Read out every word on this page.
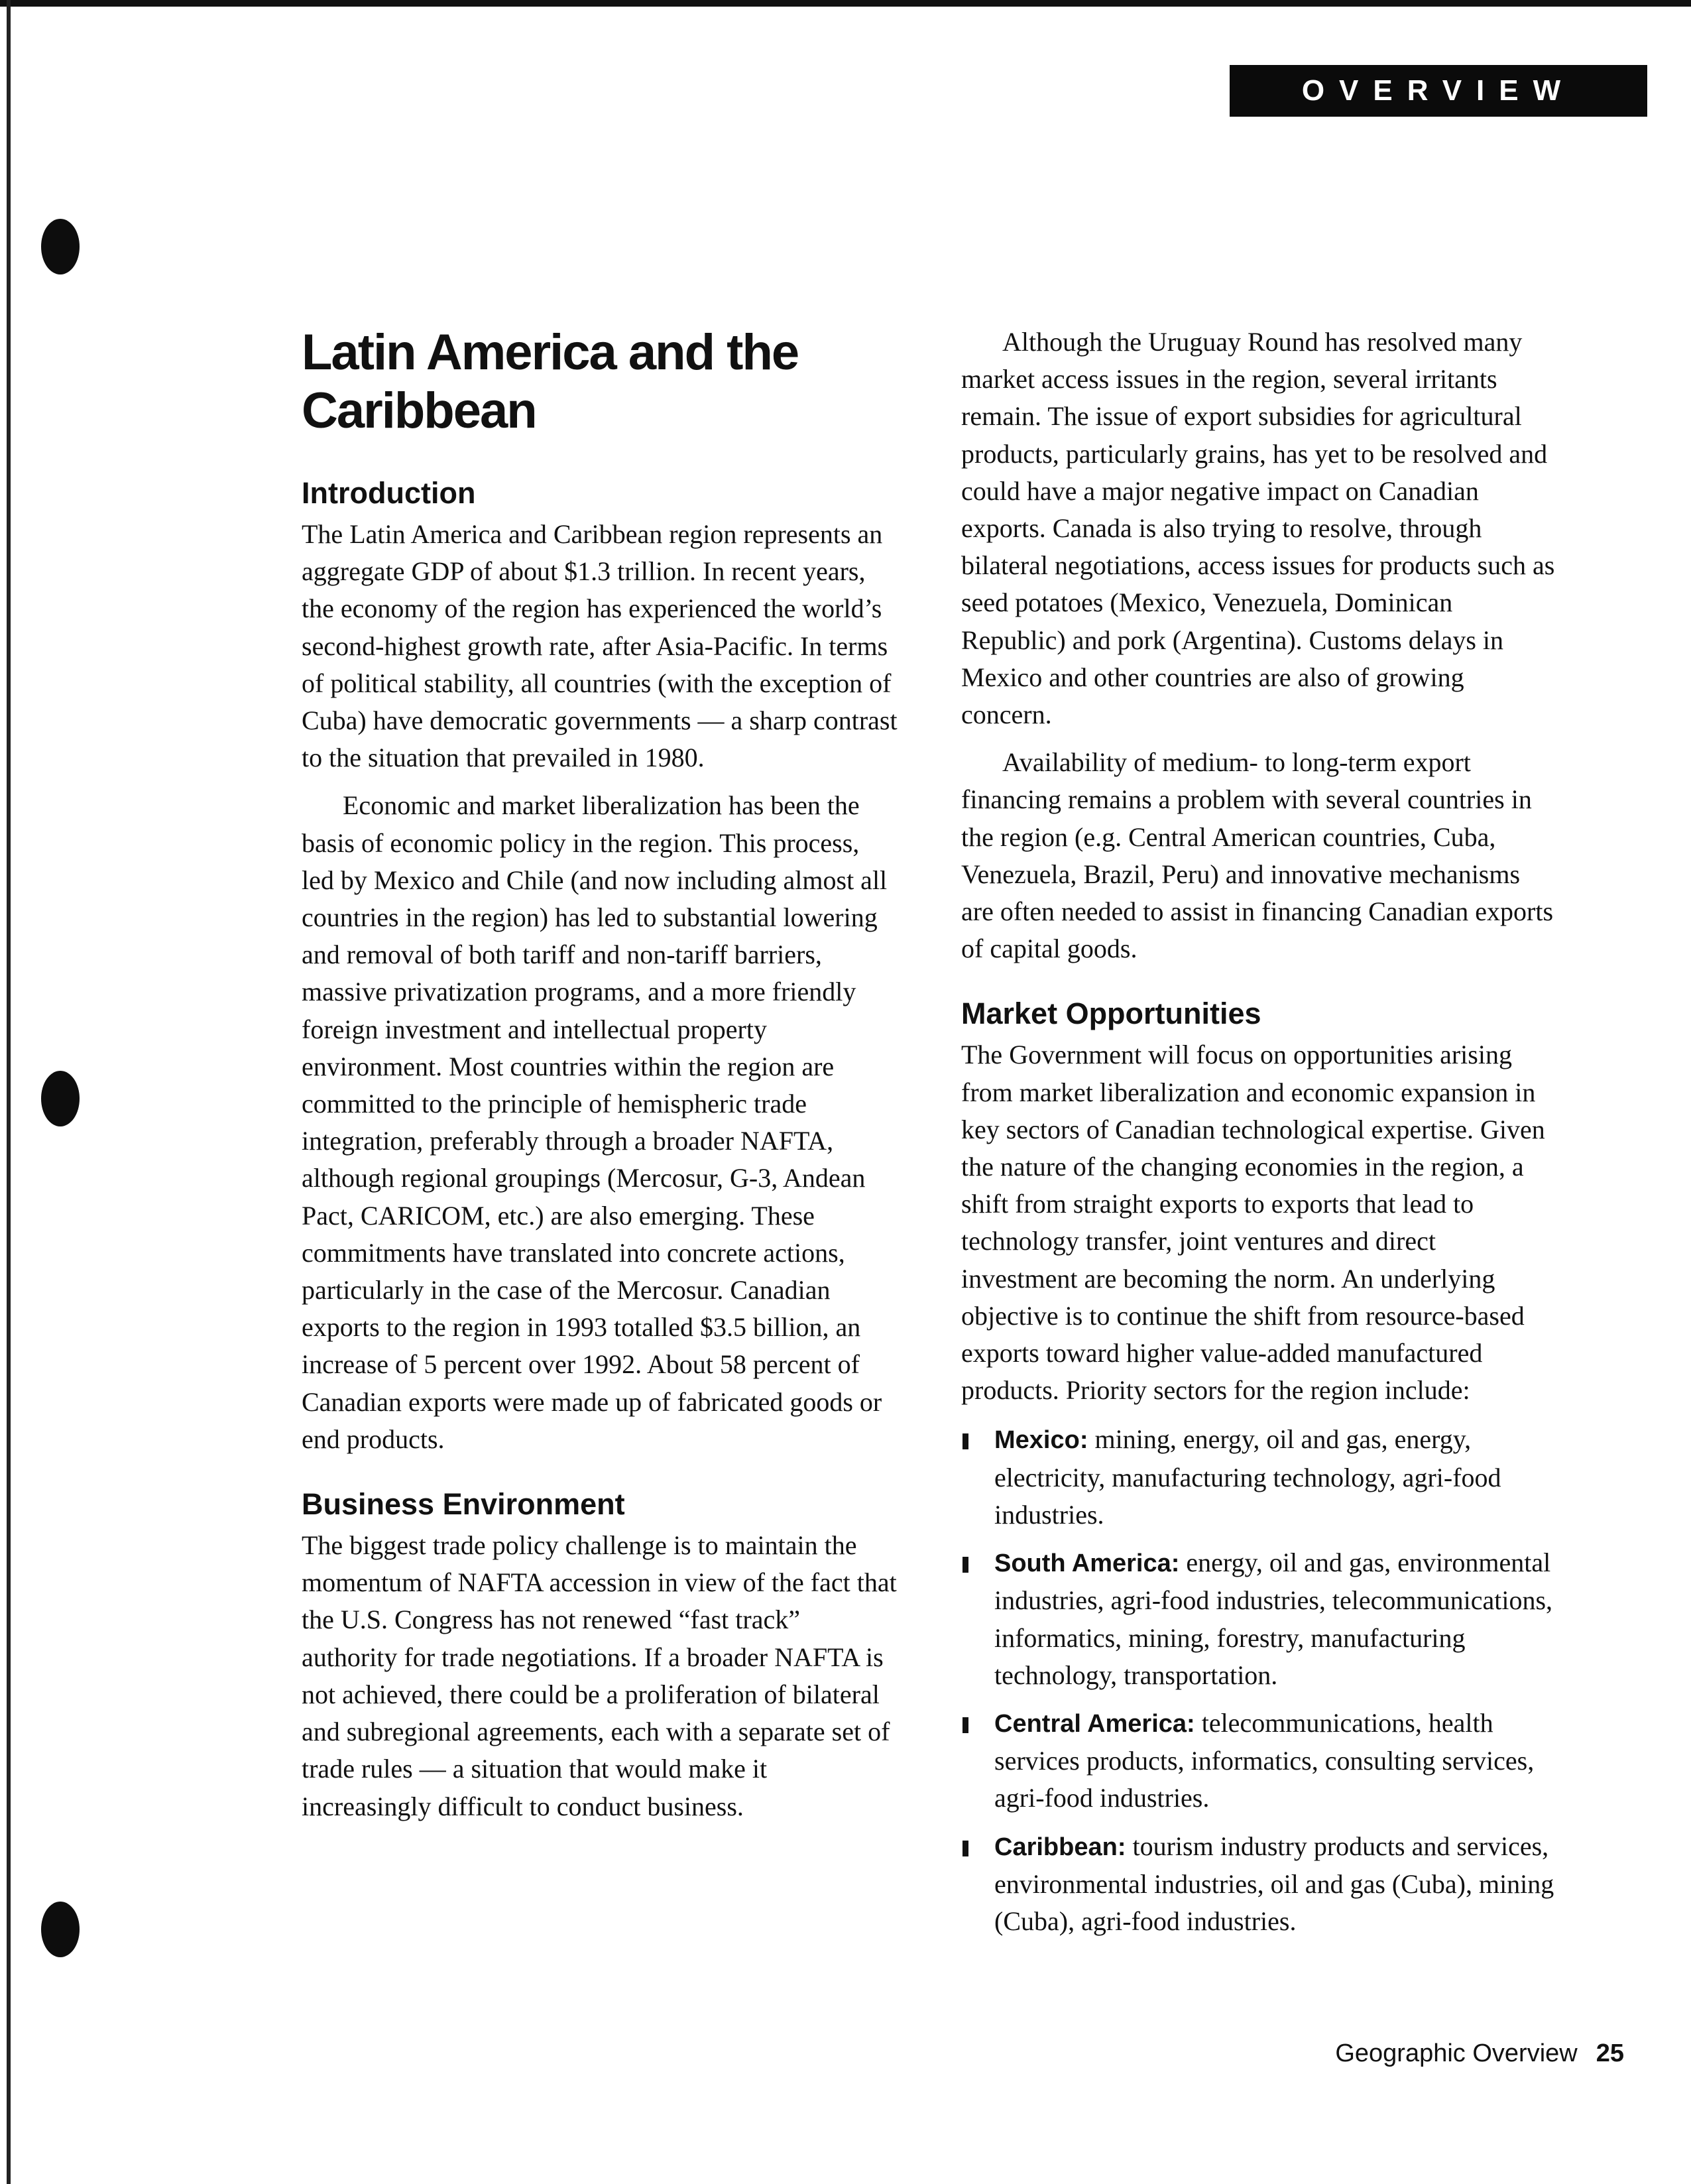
OVERVIEW
Latin America and the Caribbean
Introduction

The Latin America and Caribbean region represents an aggregate GDP of about $1.3 trillion. In recent years, the economy of the region has experienced the world’s second-highest growth rate, after Asia-Pacific. In terms of political stability, all countries (with the exception of Cuba) have democratic governments — a sharp contrast to the situation that prevailed in 1980.

Economic and market liberalization has been the basis of economic policy in the region. This process, led by Mexico and Chile (and now including almost all countries in the region) has led to substantial lowering and removal of both tariff and non-tariff barriers, massive privatization programs, and a more friendly foreign investment and intellectual property environment. Most countries within the region are committed to the principle of hemispheric trade integration, preferably through a broader NAFTA, although regional groupings (Mercosur, G-3, Andean Pact, CARICOM, etc.) are also emerging. These commitments have translated into concrete actions, particularly in the case of the Mercosur. Canadian exports to the region in 1993 totalled $3.5 billion, an increase of 5 percent over 1992. About 58 percent of Canadian exports were made up of fabricated goods or end products.

Business Environment

The biggest trade policy challenge is to maintain the momentum of NAFTA accession in view of the fact that the U.S. Congress has not renewed “fast track” authority for trade negotiations. If a broader NAFTA is not achieved, there could be a proliferation of bilateral and subregional agreements, each with a separate set of trade rules — a situation that would make it increasingly difficult to conduct business.

Although the Uruguay Round has resolved many market access issues in the region, several irritants remain. The issue of export subsidies for agricultural products, particularly grains, has yet to be resolved and could have a major negative impact on Canadian exports. Canada is also trying to resolve, through bilateral negotiations, access issues for products such as seed potatoes (Mexico, Venezuela, Dominican Republic) and pork (Argentina). Customs delays in Mexico and other countries are also of growing concern.

Availability of medium- to long-term export financing remains a problem with several countries in the region (e.g. Central American countries, Cuba, Venezuela, Brazil, Peru) and innovative mechanisms are often needed to assist in financing Canadian exports of capital goods.

Market Opportunities

The Government will focus on opportunities arising from market liberalization and economic expansion in key sectors of Canadian technological expertise. Given the nature of the changing economies in the region, a shift from straight exports to exports that lead to technology transfer, joint ventures and direct investment are becoming the norm. An underlying objective is to continue the shift from resource-based exports toward higher value-added manufactured products. Priority sectors for the region include:

Mexico: mining, energy, oil and gas, energy, electricity, manufacturing technology, agri-food industries.
South America: energy, oil and gas, environmental industries, agri-food industries, telecommunications, informatics, mining, forestry, manufacturing technology, transportation.
Central America: telecommunications, health services products, informatics, consulting services, agri-food industries.
Caribbean: tourism industry products and services, environmental industries, oil and gas (Cuba), mining (Cuba), agri-food industries.
Geographic Overview 25
